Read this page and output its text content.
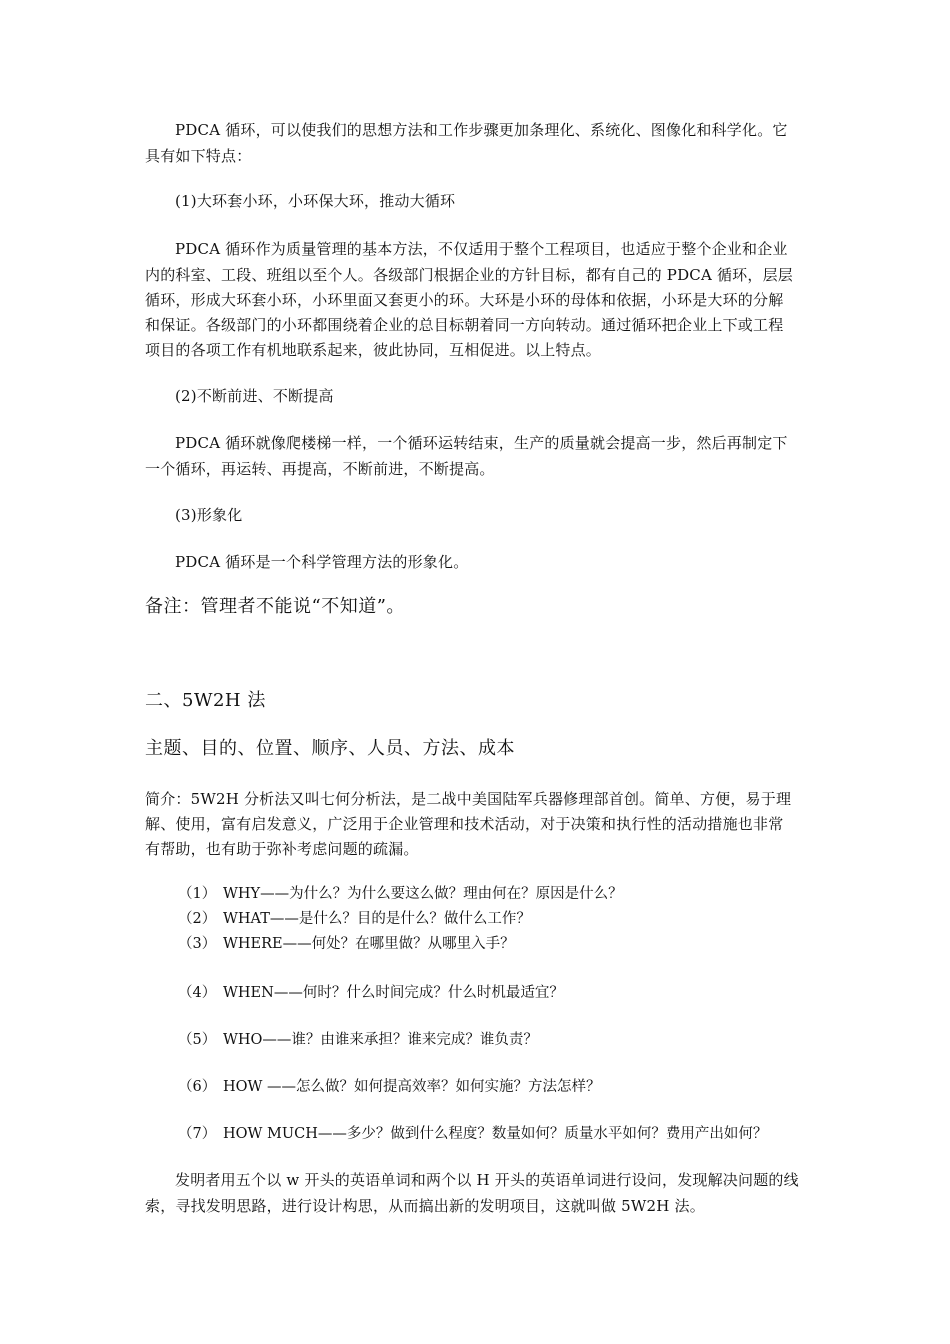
PDCA 循环，可以使我们的思想方法和工作步骤更加条理化、系统化、图像化和科学化。它
具有如下特点：
(1)大环套小环，小环保大环，推动大循环
PDCA 循环作为质量管理的基本方法，不仅适用于整个工程项目，也适应于整个企业和企业
内的科室、工段、班组以至个人。各级部门根据企业的方针目标，都有自己的 PDCA 循环，层层
循环，形成大环套小环，小环里面又套更小的环。大环是小环的母体和依据，小环是大环的分解
和保证。各级部门的小环都围绕着企业的总目标朝着同一方向转动。通过循环把企业上下或工程
项目的各项工作有机地联系起来，彼此协同，互相促进。以上特点。
(2)不断前进、不断提高
PDCA 循环就像爬楼梯一样，一个循环运转结束，生产的质量就会提高一步，然后再制定下
一个循环，再运转、再提高，不断前进，不断提高。
(3)形象化
PDCA 循环是一个科学管理方法的形象化。
备注：管理者不能说“不知道”。
二、5W2H 法
主题、目的、位置、顺序、人员、方法、成本
简介：5W2H 分析法又叫七何分析法，是二战中美国陆军兵器修理部首创。简单、方便，易于理
解、使用，富有启发意义，广泛用于企业管理和技术活动，对于决策和执行性的活动措施也非常
有帮助，也有助于弥补考虑问题的疏漏。
（1） WHY——为什么？为什么要这么做？理由何在？原因是什么？
（2） WHAT——是什么？目的是什么？做什么工作？
（3） WHERE——何处？在哪里做？从哪里入手？
（4） WHEN——何时？什么时间完成？什么时机最适宜？
（5） WHO——谁？由谁来承担？谁来完成？谁负责？
（6） HOW ——怎么做？如何提高效率？如何实施？方法怎样？
（7） HOW MUCH——多少？做到什么程度？数量如何？质量水平如何？费用产出如何？
发明者用五个以 w 开头的英语单词和两个以 H 开头的英语单词进行设问，发现解决问题的线
索，寻找发明思路，进行设计构思，从而搞出新的发明项目，这就叫做 5W2H 法。
